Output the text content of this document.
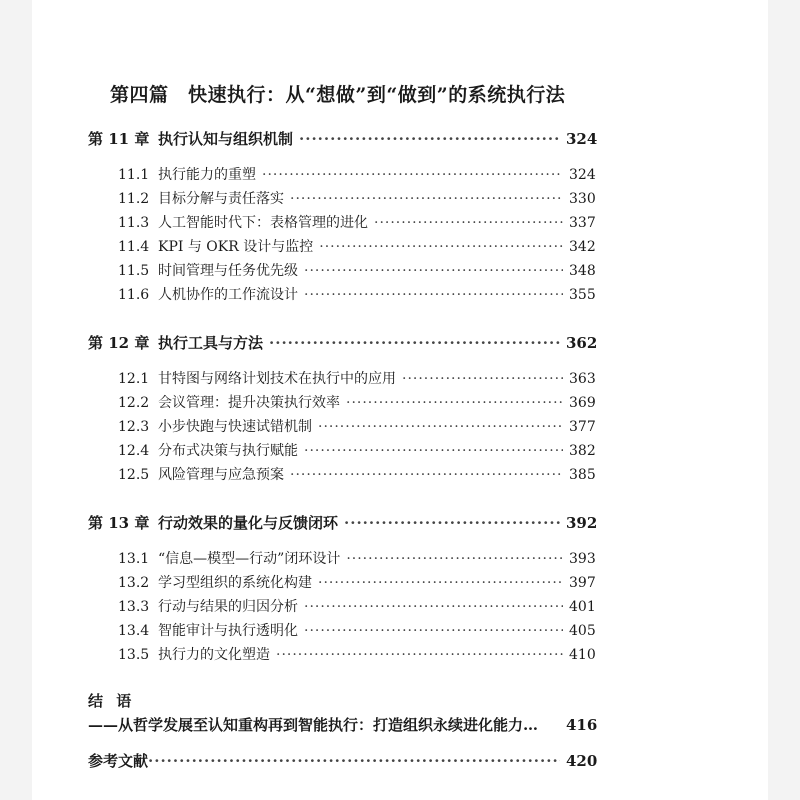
第四篇　快速执行：从“想做”到“做到”的系统执行法
第 11 章 执行认知与组织机制 ·····	324
11.1 执行能力的重塑 ·····	324
11.2 目标分解与责任落实 ·····	330
11.3 人工智能时代下：表格管理的进化 ·····	337
11.4 KPI 与 OKR 设计与监控 ·····	342
11.5 时间管理与任务优先级 ·····	348
11.6 人机协作的工作流设计 ·····	355
第 12 章 执行工具与方法 ·····	362
12.1 甘特图与网络计划技术在执行中的应用 ·····	363
12.2 会议管理：提升决策执行效率 ·····	369
12.3 小步快跑与快速试错机制 ·····	377
12.4 分布式决策与执行赋能 ·····	382
12.5 风险管理与应急预案 ·····	385
第 13 章 行动效果的量化与反馈闭环 ·····	392
13.1 “信息—模型—行动”闭环设计 ·····	393
13.2 学习型组织的系统化构建 ·····	397
13.3 行动与结果的归因分析 ·····	401
13.4 智能审计与执行透明化 ·····	405
13.5 执行力的文化塑造 ·····	410
结 语
——从哲学发展至认知重构再到智能执行：打造组织永续进化能力…	416
参考文献 ·····	420
